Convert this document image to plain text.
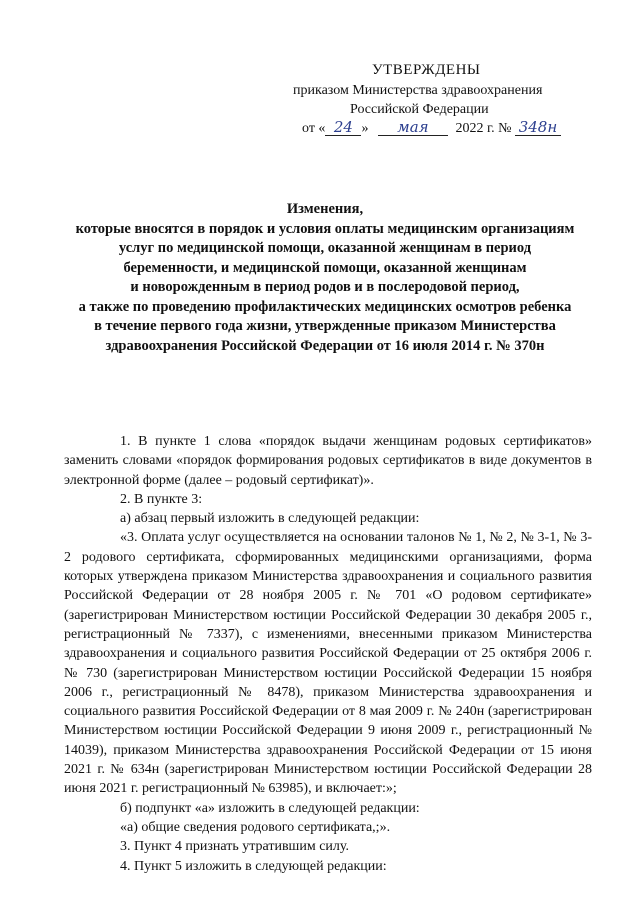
УТВЕРЖДЕНЫ
приказом Министерства здравоохранения
Российской Федерации
от « 24 » мая 2022 г. № 348н
Изменения,
которые вносятся в порядок и условия оплаты медицинским организациям
услуг по медицинской помощи, оказанной женщинам в период
беременности, и медицинской помощи, оказанной женщинам
и новорожденным в период родов и в послеродовой период,
а также по проведению профилактических медицинских осмотров ребенка
в течение первого года жизни, утвержденные приказом Министерства
здравоохранения Российской Федерации от 16 июля 2014 г. № 370н

1. В пункте 1 слова «порядок выдачи женщинам родовых сертификатов» заменить словами «порядок формирования родовых сертификатов в виде документов в электронной форме (далее – родовый сертификат)».

2. В пункте 3:

а) абзац первый изложить в следующей редакции:

«3. Оплата услуг осуществляется на основании талонов № 1, № 2, № 3-1, № 3-2 родового сертификата, сформированных медицинскими организациями, форма которых утверждена приказом Министерства здравоохранения и социального развития Российской Федерации от 28 ноября 2005 г. № 701 «О родовом сертификате» (зарегистрирован Министерством юстиции Российской Федерации 30 декабря 2005 г., регистрационный № 7337), с изменениями, внесенными приказом Министерства здравоохранения и социального развития Российской Федерации от 25 октября 2006 г. № 730 (зарегистрирован Министерством юстиции Российской Федерации 15 ноября 2006 г., регистрационный № 8478), приказом Министерства здравоохранения и социального развития Российской Федерации от 8 мая 2009 г. № 240н (зарегистрирован Министерством юстиции Российской Федерации 9 июня 2009 г., регистрационный № 14039), приказом Министерства здравоохранения Российской Федерации от 15 июня 2021 г. № 634н (зарегистрирован Министерством юстиции Российской Федерации 28 июня 2021 г. регистрационный № 63985), и включает:»;

б) подпункт «а» изложить в следующей редакции:

«а) общие сведения родового сертификата,;».

3. Пункт 4 признать утратившим силу.

4. Пункт 5 изложить в следующей редакции:
